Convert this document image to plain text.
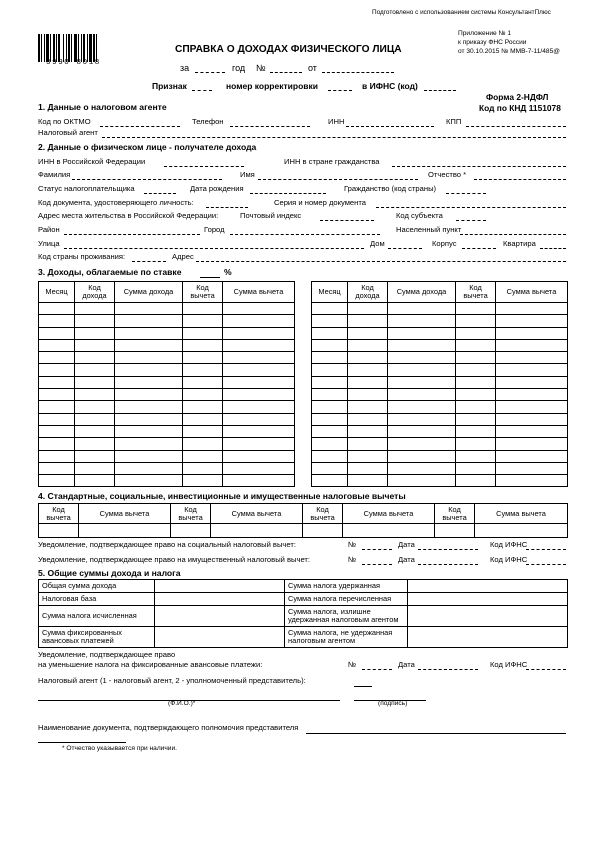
Подготовлено с использованием системы КонсультантПлюс
3990 8018
Приложение № 1
к приказу ФНС России
от 30.10.2015 № ММВ-7-11/485@
СПРАВКА О ДОХОДАХ ФИЗИЧЕСКОГО ЛИЦА
за	год №	от
Признак	номер корректировки	в ИФНС (код)
Форма 2-НДФЛ
Код по КНД 1151078
1. Данные о налоговом агенте
Код по ОКТМО	Телефон	ИНН	КПП
Налоговый агент
2. Данные о физическом лице - получателе дохода
ИНН в Российской Федерации	ИНН в стране гражданства
Фамилия	Имя	Отчество *
Статус налогоплательщика	Дата рождения	Гражданство (код страны)
Код документа, удостоверяющего личность:	Серия и номер документа
Адрес места жительства в Российской Федерации:	Почтовый индекс	Код субъекта
Район	Город	Населенный пункт
Улица	Дом	Корпус	Квартира
Код страны проживания:	Адрес
3. Доходы, облагаемые по ставке	%
Месяц	Код дохода	Сумма дохода	Код вычета	Сумма вычета

					Месяц	Код дохода	Сумма дохода	Код вычета	Сумма вычета

4. Стандартные, социальные, инвестиционные и имущественные налоговые вычеты
Код вычета	Сумма вычета	Код вычета	Сумма вычета	Код вычета	Сумма вычета	Код вычета	Сумма вычета

Уведомление, подтверждающее право на социальный налоговый вычет:	№	Дата	Код ИФНС
Уведомление, подтверждающее право на имущественный налоговый вычет:	№	Дата	Код ИФНС
5. Общие суммы дохода и налога
Общая сумма дохода		Сумма налога удержанная	
Налоговая база		Сумма налога перечисленная	
Сумма налога исчисленная		Сумма налога, излишне удержанная налоговым агентом	
Сумма фиксированных авансовых платежей		Сумма налога, не удержанная налоговым агентом	
Уведомление, подтверждающее право
на уменьшение налога на фиксированные авансовые платежи:	№	Дата	Код ИФНС
Налоговый агент (1 - налоговый агент, 2 - уполномоченный представитель):
(Ф.И.О.)*	(подпись)
Наименование документа, подтверждающего полномочия представителя
* Отчество указывается при наличии.
